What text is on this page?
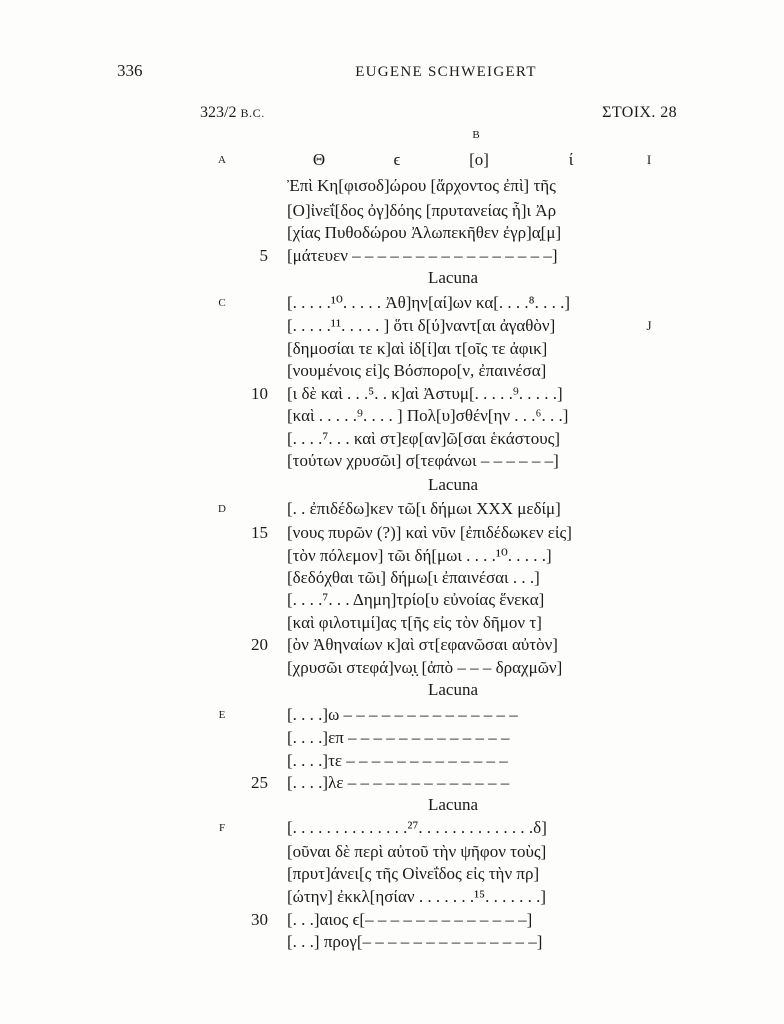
336	EUGENE SCHWEIGERT
323/2 B.C.	ΣΤΟΙΧ. 28
B
A	Θ	ϵ	[ο]	ί	I
Ἐπὶ Κη[φισοδ]ώρου [ἄρχοντος ἐπὶ] τῆς
[Ο]ἰνεΐ[δος ὀγ]δόης [πρυτανείας ἧ]ι Ἀρ
[χίας Πυθοδώρου Ἀλωπεκῆθεν ἐγρ]α̣[μ]
5 [μάτευεν – – – – – – – – – – – – – – – –]
Lacuna
C	[. . . . .¹⁰. . . . . Ἀθ]ην[αί]ων κα[. . . .⁸. . . .]
[. . . . .¹¹. . . . . ] ὅτι δ[ύ]ναντ[αι ἀγαθὸν]	J
[δημοσίαι τε κ]αὶ ἰδ[ί]αι τ[οῖς τε ἀφικ]
[νουμένοις εἰ]ς Βόσπορο[ν, ἐπαινέσα]
10 [ι δὲ καὶ . . .⁵. . κ]αὶ Ἀστυμ[. . . . .⁹. . . . .]
[καὶ . . . . .⁹. . . . ] Πολ[υ]σθέν[ην . . .⁶. . .]
[. . . .⁷. . . καὶ στ]εφ[αν]ῶ[σαι ἑκάστους]
[τούτων χρυσῶι] σ[τεφάνωι – – – – – –]
Lacuna
D	[. . ἐπιδέδω]κεν τῶ[ι δήμωι XXX μεδίμ]
15 [νους πυρῶν (?)] καὶ νῦν [ἐπιδέδωκεν εἰς]
[τὸν πόλεμον] τῶι δή[μωι . . . .¹⁰. . . . .]
[δεδόχθαι τῶι] δήμω[ι ἐπαινέσαι . . .]
[. . . .⁷. . . Δημη]τρίο[υ εὐνοίας ἕνεκα]
[καὶ φιλοτιμί]ας τ[ῆς εἰς τὸν δῆμον τ]
20 [ὸν Ἀθηναίων κ]αὶ στ[εφανῶσαι αὐτὸν]
[χρυσῶι στεφά]νω̣ι̣ [ἀπὸ – – – δραχμῶν]
Lacuna
E	[. . . .]ω – – – – – – – – – – – – – –
[. . . .]επ – – – – – – – – – – – – –
[. . . .]τε – – – – – – – – – – – – –
25 [. . . .]λε – – – – – – – – – – – – –
Lacuna
F	[. . . . . . . . . . . . . .²⁷. . . . . . . . . . . . . .δ]
[οῦναι δὲ περὶ αὐτοῦ τὴν ψῆφον τοὺς]
[πρυτ]άνει[ς τῆς Οἰνεΐδος εἰς τὴν πρ]
[ώτην] ἐκκλ[ησίαν . . . . . . .¹⁵. . . . . . .]
30 [. . .]αιος ϵ[– – – – – – – – – – – – –]
[. . .] προγ[– – – – – – – – – – – – – –]
